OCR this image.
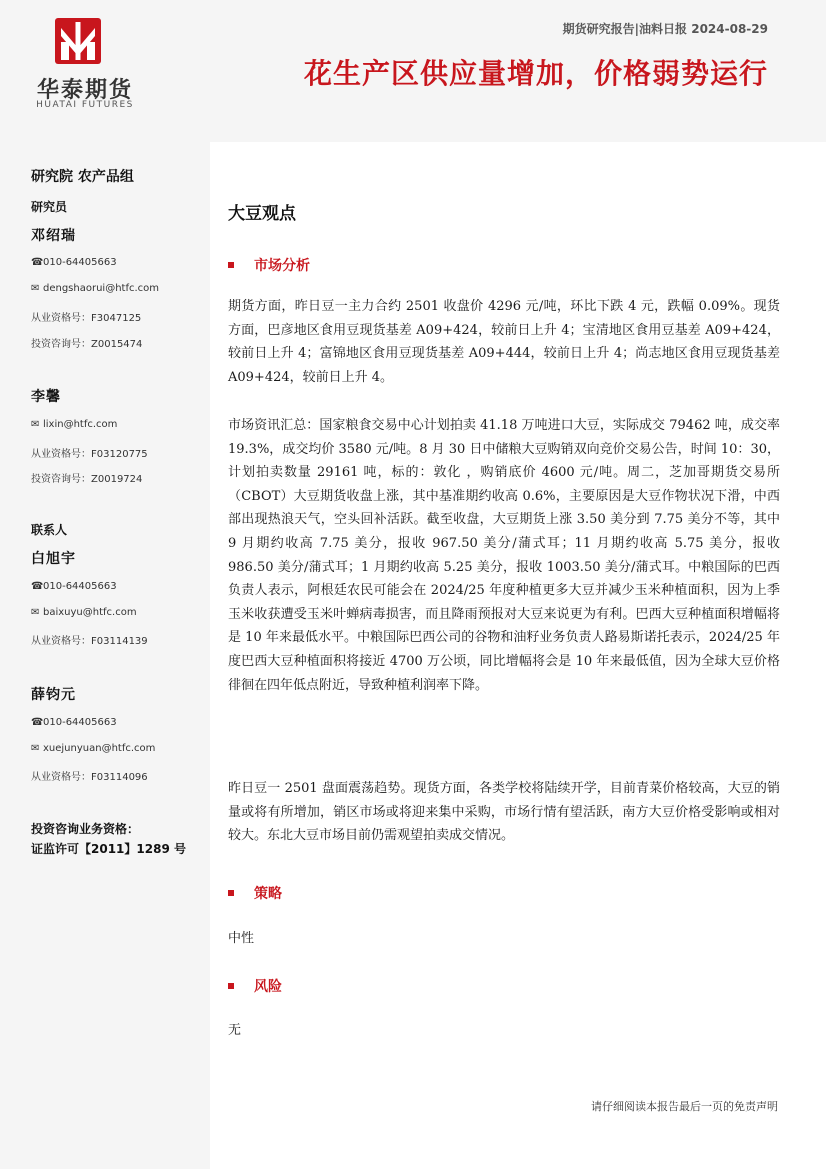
华泰期货
HUATAI FUTURES
期货研究报告|油料日报 2024-08-29
花生产区供应量增加，价格弱势运行
研究院 农产品组
研究员
邓绍瑞
☎010-64405663
✉ dengshaorui@htfc.com
从业资格号：F3047125
投资咨询号：Z0015474
李馨
✉ lixin@htfc.com
从业资格号：F03120775
投资咨询号：Z0019724
联系人
白旭宇
☎010-64405663
✉ baixuyu@htfc.com
从业资格号：F03114139
薛钧元
☎010-64405663
✉ xuejunyuan@htfc.com
从业资格号：F03114096
投资咨询业务资格：
证监许可【2011】1289 号
大豆观点
市场分析

期货方面，昨日豆一主力合约 2501 收盘价 4296 元/吨，环比下跌 4 元，跌幅 0.09%。现货方面，巴彦地区食用豆现货基差 A09+424，较前日上升 4；宝清地区食用豆基差 A09+424，较前日上升 4；富锦地区食用豆现货基差 A09+444，较前日上升 4；尚志地区食用豆现货基差 A09+424，较前日上升 4。

市场资讯汇总：国家粮食交易中心计划拍卖 41.18 万吨进口大豆，实际成交 79462 吨，成交率 19.3%，成交均价 3580 元/吨。8 月 30 日中储粮大豆购销双向竞价交易公告，时间 10：30，计划拍卖数量 29161 吨，标的：敦化 ，购销底价 4600 元/吨。周二，芝加哥期货交易所（CBOT）大豆期货收盘上涨，其中基准期约收高 0.6%，主要原因是大豆作物状况下滑，中西部出现热浪天气，空头回补活跃。截至收盘，大豆期货上涨 3.50 美分到 7.75 美分不等，其中 9 月期约收高 7.75 美分，报收 967.50 美分/蒲式耳；11 月期约收高 5.75 美分，报收 986.50 美分/蒲式耳；1 月期约收高 5.25 美分，报收 1003.50 美分/蒲式耳。中粮国际的巴西负责人表示，阿根廷农民可能会在 2024/25 年度种植更多大豆并减少玉米种植面积，因为上季玉米收获遭受玉米叶蝉病毒损害，而且降雨预报对大豆来说更为有利。巴西大豆种植面积增幅将是 10 年来最低水平。中粮国际巴西公司的谷物和油籽业务负责人路易斯诺托表示，2024/25 年度巴西大豆种植面积将接近 4700 万公顷，同比增幅将会是 10 年来最低值，因为全球大豆价格徘徊在四年低点附近，导致种植利润率下降。

昨日豆一 2501 盘面震荡趋势。现货方面，各类学校将陆续开学，目前青菜价格较高，大豆的销量或将有所增加，销区市场或将迎来集中采购，市场行情有望活跃，南方大豆价格受影响或相对较大。东北大豆市场目前仍需观望拍卖成交情况。

策略
中性
风险
无
请仔细阅读本报告最后一页的免责声明
